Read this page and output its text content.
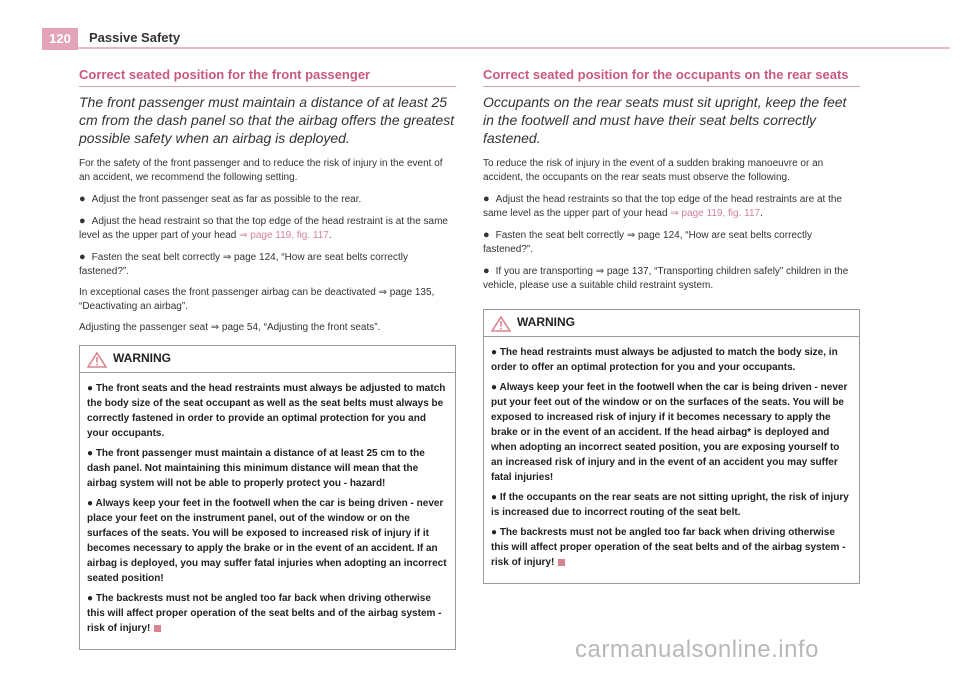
120	Passive Safety
Correct seated position for the front passenger
The front passenger must maintain a distance of at least 25 cm from the dash panel so that the airbag offers the greatest possible safety when an airbag is deployed.

For the safety of the front passenger and to reduce the risk of injury in the event of an accident, we recommend the following setting.

● Adjust the front passenger seat as far as possible to the rear.

● Adjust the head restraint so that the top edge of the head restraint is at the same level as the upper part of your head ⇒ page 119, fig. 117.

● Fasten the seat belt correctly ⇒ page 124, “How are seat belts correctly fastened?”.

In exceptional cases the front passenger airbag can be deactivated ⇒ page 135, “Deactivating an airbag”.

Adjusting the passenger seat ⇒ page 54, “Adjusting the front seats”.

WARNING

● The front seats and the head restraints must always be adjusted to match the body size of the seat occupant as well as the seat belts must always be correctly fastened in order to provide an optimal protection for you and your occupants.

● The front passenger must maintain a distance of at least 25 cm to the dash panel. Not maintaining this minimum distance will mean that the airbag system will not be able to properly protect you - hazard!

● Always keep your feet in the footwell when the car is being driven - never place your feet on the instrument panel, out of the window or on the surfaces of the seats. You will be exposed to increased risk of injury if it becomes necessary to apply the brake or in the event of an accident. If an airbag is deployed, you may suffer fatal injuries when adopting an incorrect seated position!

● The backrests must not be angled too far back when driving otherwise this will affect proper operation of the seat belts and of the airbag system - risk of injury!

Correct seated position for the occupants on the rear seats
Occupants on the rear seats must sit upright, keep the feet in the footwell and must have their seat belts correctly fastened.

To reduce the risk of injury in the event of a sudden braking manoeuvre or an accident, the occupants on the rear seats must observe the following.

● Adjust the head restraints so that the top edge of the head restraints are at the same level as the upper part of your head ⇒ page 119, fig. 117.

● Fasten the seat belt correctly ⇒ page 124, “How are seat belts correctly fastened?”.

● If you are transporting ⇒ page 137, “Transporting children safely” children in the vehicle, please use a suitable child restraint system.

WARNING

● The head restraints must always be adjusted to match the body size, in order to offer an optimal protection for you and your occupants.

● Always keep your feet in the footwell when the car is being driven - never put your feet out of the window or on the surfaces of the seats. You will be exposed to increased risk of injury if it becomes necessary to apply the brake or in the event of an accident. If the head airbag* is deployed and when adopting an incorrect seated position, you are exposing yourself to an increased risk of injury and in the event of an accident you may suffer fatal injuries!

● If the occupants on the rear seats are not sitting upright, the risk of injury is increased due to incorrect routing of the seat belt.

● The backrests must not be angled too far back when driving otherwise this will affect proper operation of the seat belts and of the airbag system - risk of injury!

carmanualsonline.info
